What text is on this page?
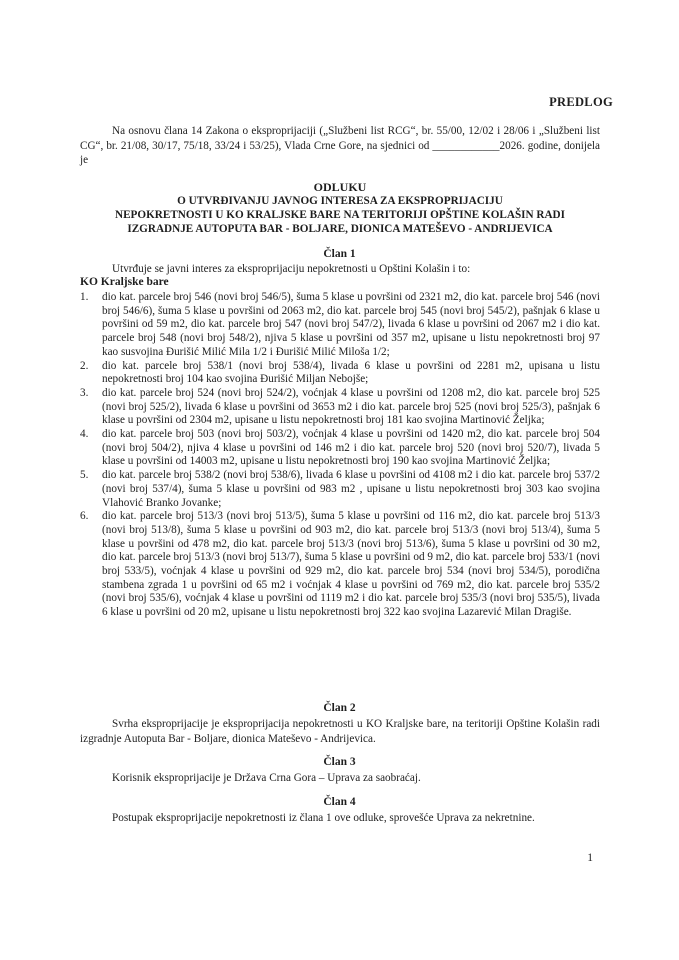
PREDLOG
Na osnovu člana 14 Zakona o eksproprijaciji („Službeni list RCG“, br. 55/00, 12/02 i 28/06 i „Službeni list CG“, br. 21/08, 30/17, 75/18, 33/24 i 53/25), Vlada Crne Gore, na sjednici od ____________2026. godine, donijela je
ODLUKU
O UTVRĐIVANJU JAVNOG INTERESA ZA EKSPROPRIJACIJU
NEPOKRETNOSTI U KO KRALJSKE BARE NA TERITORIJI OPŠTINE KOLAŠIN RADI
IZGRADNJE AUTOPUTA BAR - BOLJARE, DIONICA MATEŠEVO - ANDRIJEVICA
Član 1
Utvrđuje se javni interes za eksproprijaciju nepokretnosti u Opštini Kolašin i to:
KO Kraljske bare
1. dio kat. parcele broj 546 (novi broj 546/5), šuma 5 klase u površini od 2321 m2, dio kat. parcele broj 546 (novi broj 546/6), šuma 5 klase u površini od 2063 m2, dio kat. parcele broj 545 (novi broj 545/2), pašnjak 6 klase u površini od 59 m2, dio kat. parcele broj 547 (novi broj 547/2), livada 6 klase u površini od 2067 m2 i dio kat. parcele broj 548 (novi broj 548/2), njiva 5 klase u površini od 357 m2, upisane u listu nepokretnosti broj 97 kao susvojina Đurišić Milić Mila 1/2 i Đurišić Milić Miloša 1/2;
2. dio kat. parcele broj 538/1 (novi broj 538/4), livada 6 klase u površini od 2281 m2, upisana u listu nepokretnosti broj 104 kao svojina Đurišić Miljan Nebojše;
3. dio kat. parcele broj 524 (novi broj 524/2), voćnjak 4 klase u površini od 1208 m2, dio kat. parcele broj 525 (novi broj 525/2), livada 6 klase u površini od 3653 m2 i dio kat. parcele broj 525 (novi broj 525/3), pašnjak 6 klase u površini od 2304 m2, upisane u listu nepokretnosti broj 181 kao svojina Martinović Željka;
4. dio kat. parcele broj 503 (novi broj 503/2), voćnjak 4 klase u površini od 1420 m2, dio kat. parcele broj 504 (novi broj 504/2), njiva 4 klase u površini od 146 m2 i dio kat. parcele broj 520 (novi broj 520/7), livada 5 klase u površini od 14003 m2, upisane u listu nepokretnosti broj 190 kao svojina Martinović Željka;
5. dio kat. parcele broj 538/2 (novi broj 538/6), livada 6 klase u površini od 4108 m2 i dio kat. parcele broj 537/2 (novi broj 537/4), šuma 5 klase u površini od 983 m2 , upisane u listu nepokretnosti broj 303 kao svojina Vlahović Branko Jovanke;
6. dio kat. parcele broj 513/3 (novi broj 513/5), šuma 5 klase u površini od 116 m2, dio kat. parcele broj 513/3 (novi broj 513/8), šuma 5 klase u površini od 903 m2, dio kat. parcele broj 513/3 (novi broj 513/4), šuma 5 klase u površini od 478 m2, dio kat. parcele broj 513/3 (novi broj 513/6), šuma 5 klase u površini od 30 m2, dio kat. parcele broj 513/3 (novi broj 513/7), šuma 5 klase u površini od 9 m2, dio kat. parcele broj 533/1 (novi broj 533/5), voćnjak 4 klase u površini od 929 m2, dio kat. parcele broj 534 (novi broj 534/5), porodična stambena zgrada 1 u površini od 65 m2 i voćnjak 4 klase u površini od 769 m2, dio kat. parcele broj 535/2 (novi broj 535/6), voćnjak 4 klase u površini od 1119 m2 i dio kat. parcele broj 535/3 (novi broj 535/5), livada 6 klase u površini od 20 m2, upisane u listu nepokretnosti broj 322 kao svojina Lazarević Milan Dragiše.
Član 2
Svrha eksproprijacije je eksproprijacija nepokretnosti u KO Kraljske bare, na teritoriji Opštine Kolašin radi izgradnje Autoputa Bar - Boljare, dionica Mateševo - Andrijevica.
Član 3
Korisnik eksproprijacije je Država Crna Gora – Uprava za saobraćaj.
Član 4
Postupak eksproprijacije nepokretnosti iz člana 1 ove odluke, sprovešće Uprava za nekretnine.
1
